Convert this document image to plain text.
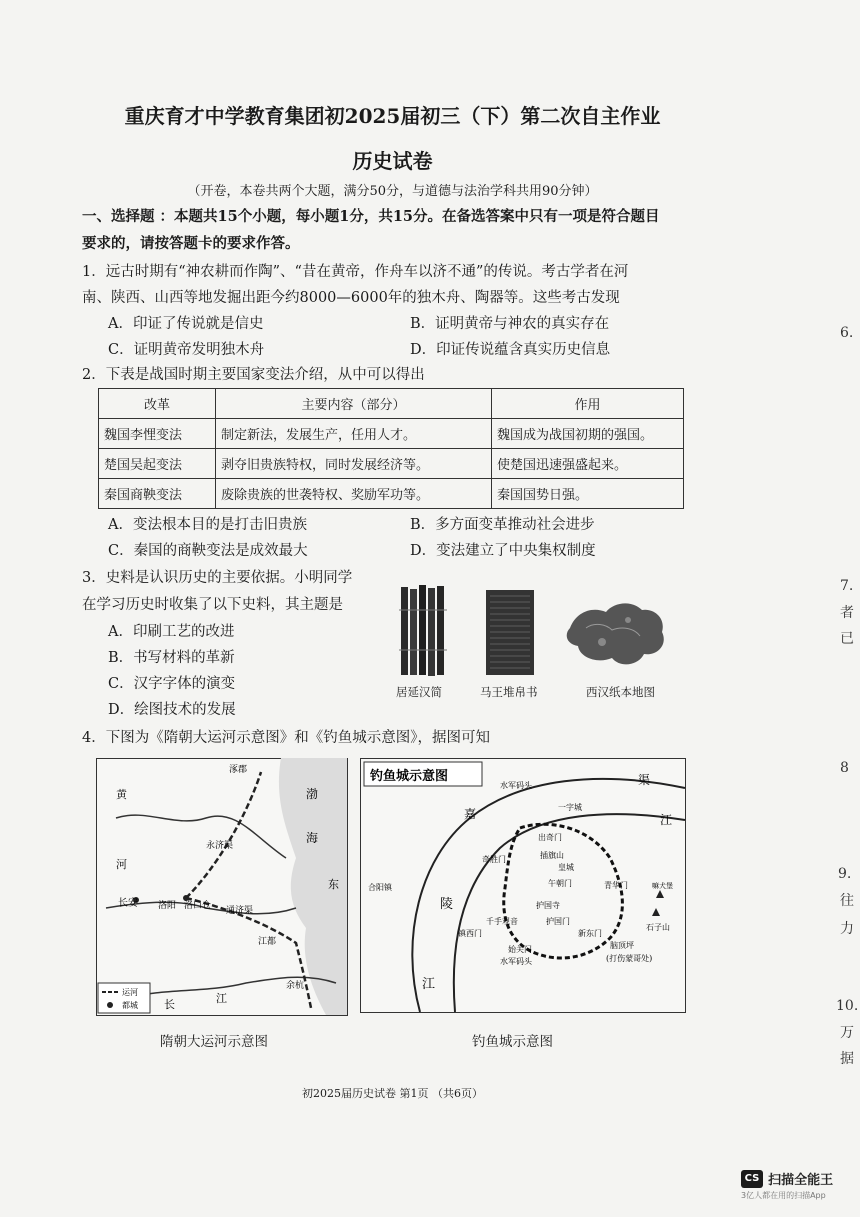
重庆育才中学教育集团初2025届初三（下）第二次自主作业
历史试卷
（开卷，本卷共两个大题，满分50分，与道德与法治学科共用90分钟）
一、选择题 ：本题共15个小题，每小题1分，共15分。在备选答案中只有一项是符合题目
要求的，请按答题卡的要求作答。
1．远古时期有“神农耕而作陶”、“昔在黄帝，作舟车以济不通”的传说。考古学者在河
南、陕西、山西等地发掘出距今约8000—6000年的独木舟、陶器等。这些考古发现
A．印证了传说就是信史	B．证明黄帝与神农的真实存在
C．证明黄帝发明独木舟	D．印证传说蕴含真实历史信息
2．下表是战国时期主要国家变法介绍，从中可以得出
改革	主要内容（部分）	作用
魏国李悝变法	制定新法，发展生产，任用人才。	魏国成为战国初期的强国。
楚国吴起变法	剥夺旧贵族特权，同时发展经济等。	使楚国迅速强盛起来。
秦国商鞅变法	废除贵族的世袭特权、奖励军功等。	秦国国势日强。
A．变法根本目的是打击旧贵族	B．多方面变革推动社会进步
C．秦国的商鞅变法是成效最大	D．变法建立了中央集权制度
3．史料是认识历史的主要依据。小明同学
在学习历史时收集了以下史料，其主题是
A．印刷工艺的改进
B．书写材料的革新
C．汉字字体的演变
D．绘图技术的发展
居延汉简	马王堆帛书	西汉纸本地图
4．下图为《隋朝大运河示意图》和《钓鱼城示意图》，据图可知
涿郡
黄
河
永济渠
通济渠
长安 洛阳 洛口仓
渤
海
东
江都
余杭
长	江
运河
都城
隋朝大运河示意图
钓鱼城示意图
水军码头
一字城
嘉
渠
江
出奇门
插旗山
皇城
奇胜门
午朝门	青华门
合阳镇
陵	护国寺
千手观音	护国门
镇西门	新东门
始关门	脑顶坪
(打伤蒙哥处)
水军码头
嘛犬堡
石子山
江
钓鱼城示意图
6.
7.
者
已
8
9.
往
力
10.
万
据
初2025届历史试卷 第1页 （共6页）
CS 扫描全能王
3亿人都在用的扫描App
